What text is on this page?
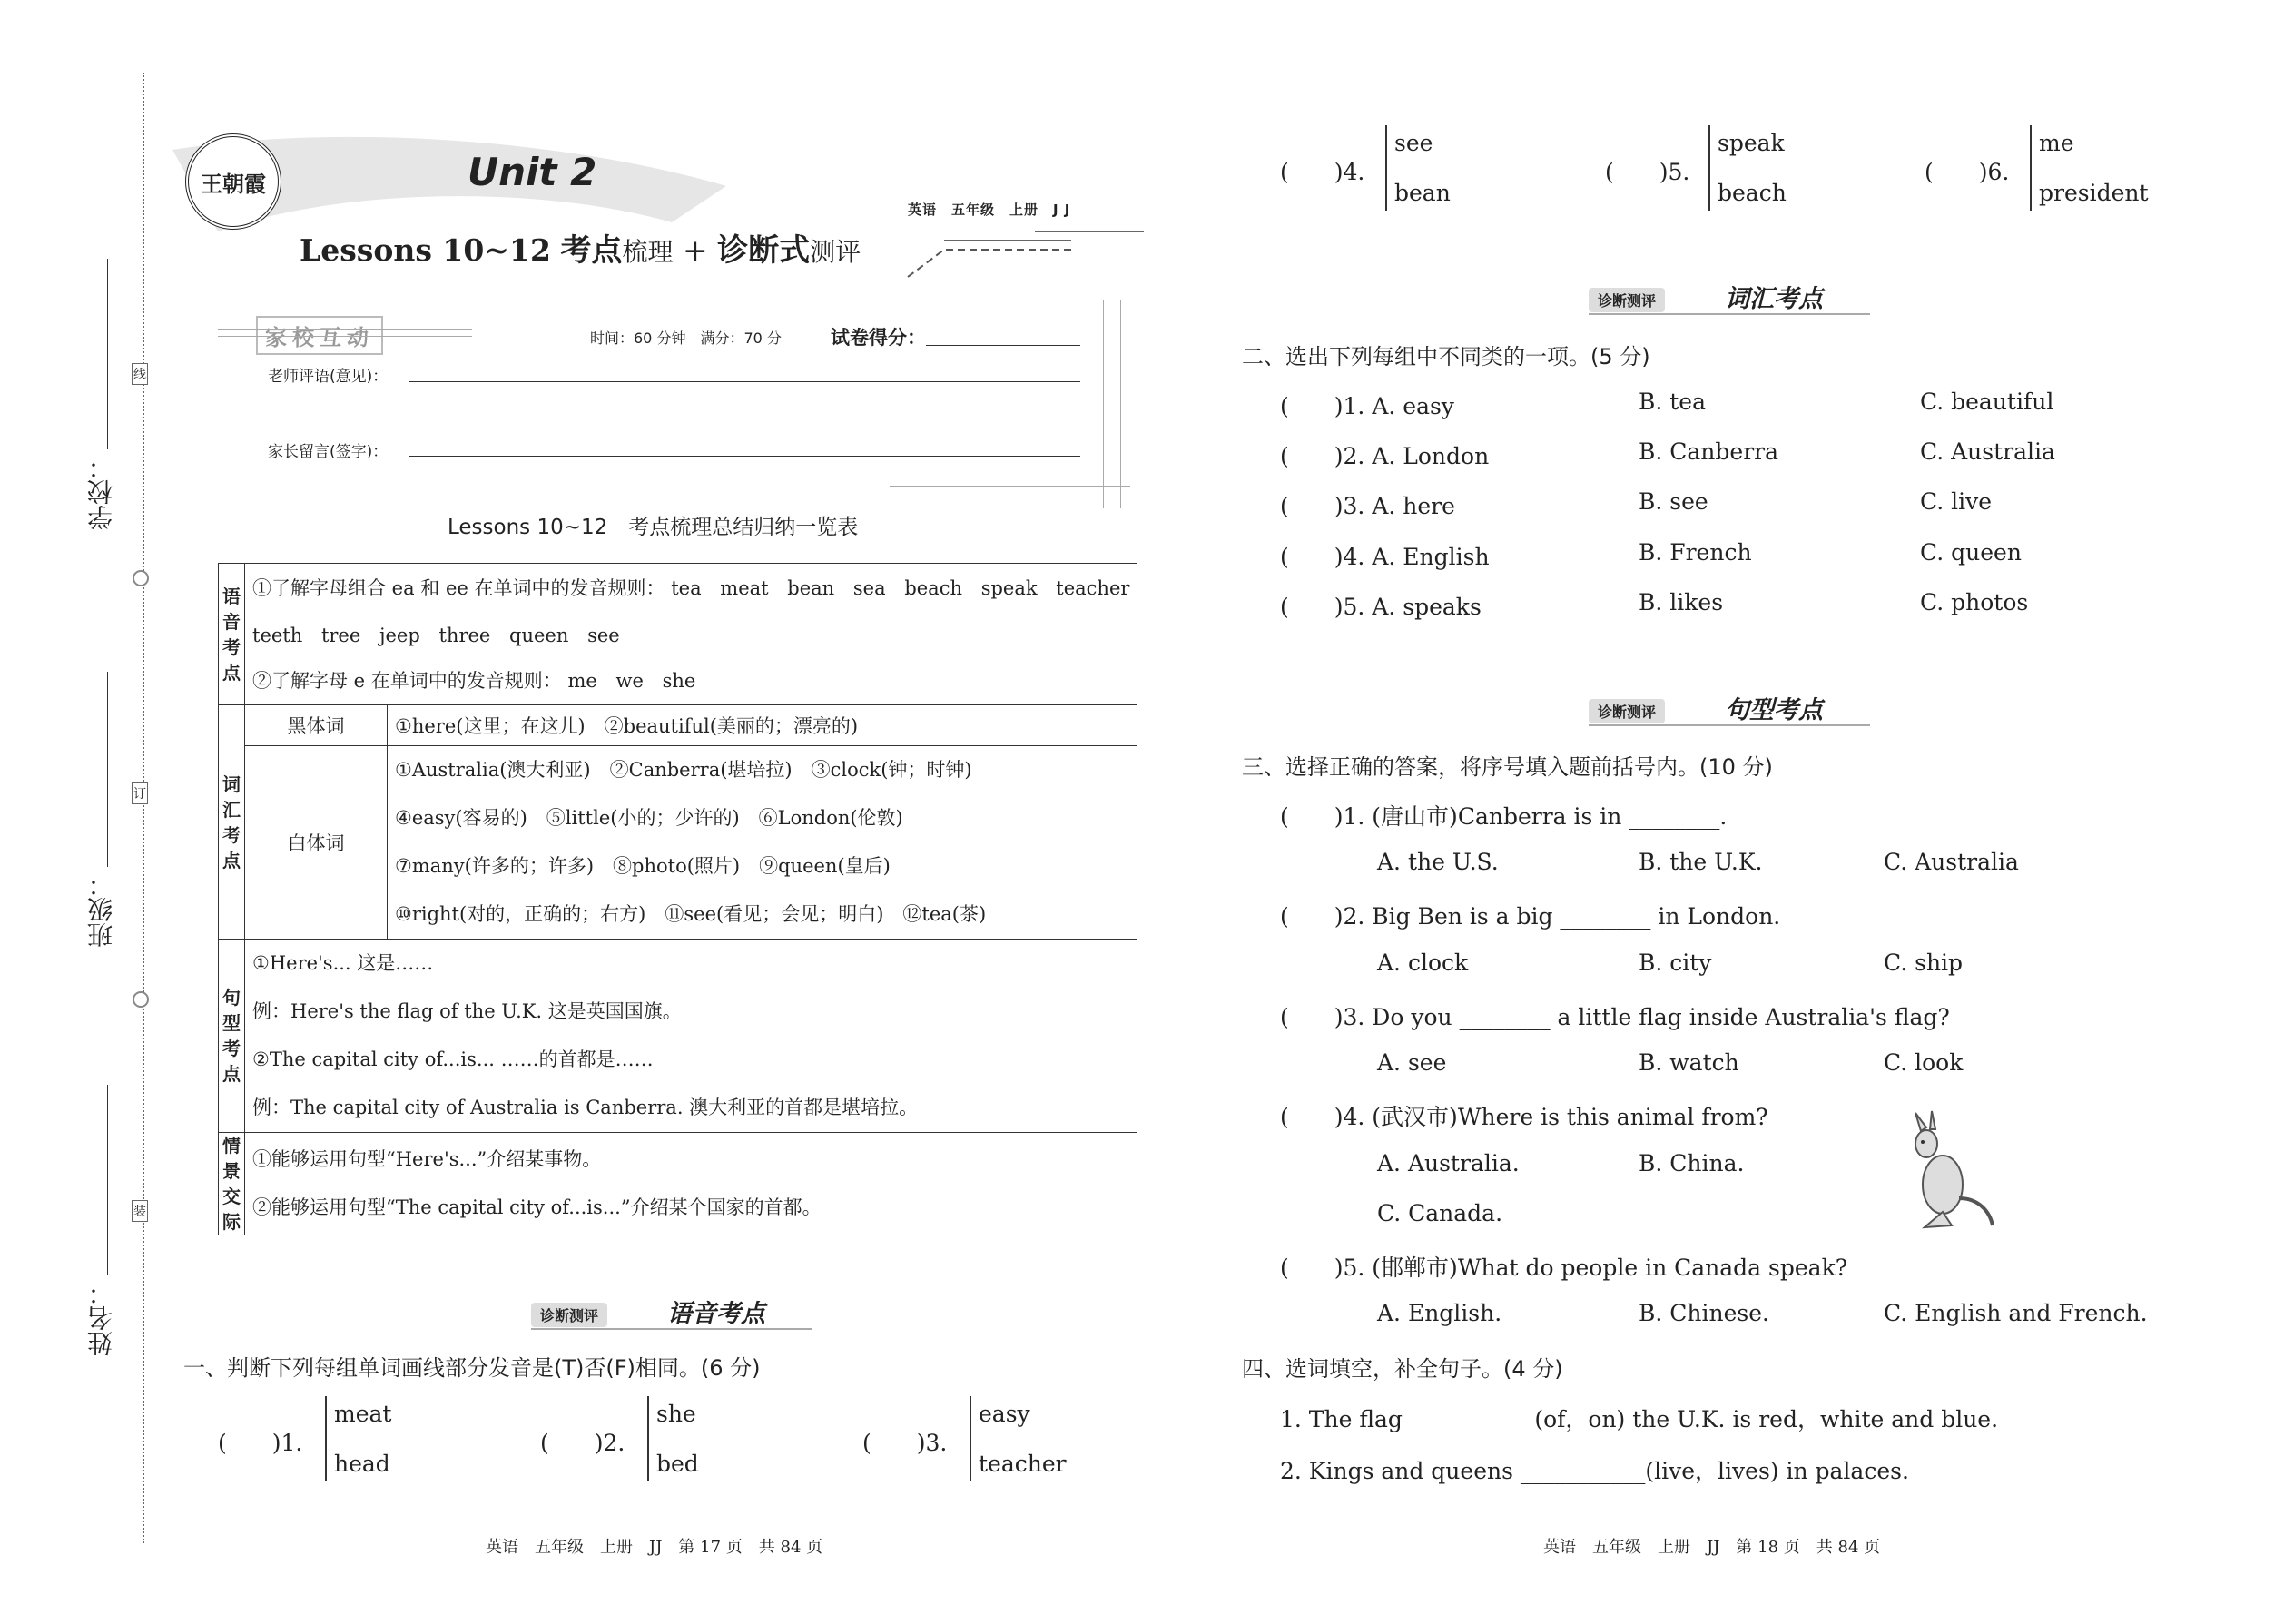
学校：
班级：
姓名：
线
订
装
王朝霞	Unit 2
Lessons 10~12 考点梳理 + 诊断式测评
英语　五年级　上册　J J
家校互动	时间：60 分钟　满分：70 分	试卷得分：
老师评语(意见)：
家长留言(签字)：
Lessons 10~12　考点梳理总结归纳一览表
语音考点	①了解字母组合 ea 和 ee 在单词中的发音规则： tea meat bean sea beach speak teacher
teeth tree jeep three queen see
②了解字母 e 在单词中的发音规则： me we she	

词汇考点	黑体词	①here(这里；在这儿)　②beautiful(美丽的；漂亮的)
	白体词	①Australia(澳大利亚)　②Canberra(堪培拉)　③clock(钟；时钟)
④easy(容易的)　⑤little(小的；少许的)　⑥London(伦敦)
⑦many(许多的；许多)　⑧photo(照片)　⑨queen(皇后)
⑩right(对的，正确的；右方)　⑪see(看见；会见；明白)　⑫tea(茶)

句型考点	①Here's... 这是……
例：Here's the flag of the U.K. 这是英国国旗。
②The capital city of...is... ……的首都是……
例：The capital city of Australia is Canberra. 澳大利亚的首都是堪培拉。	

情景交际	①能够运用句型“Here's...”介绍某事物。
②能够运用句型“The capital city of...is...”介绍某个国家的首都。	
诊断测评	语音考点
一、判断下列每组单词画线部分发音是(T)否(F)相同。(6 分)
(　　)1.
meat
head
(　　)2.
she
bed
(　　)3.
easy
teacher
(　　)4.
see
bean
(　　)5.
speak
beach
(　　)6.
me
president
诊断测评	词汇考点
二、选出下列每组中不同类的一项。(5 分)
(　　)1. A. easy	B. tea	C. beautiful
(　　)2. A. London	B. Canberra	C. Australia
(　　)3. A. here	B. see	C. live
(　　)4. A. English	B. French	C. queen
(　　)5. A. speaks	B. likes	C. photos
诊断测评	句型考点
三、选择正确的答案，将序号填入题前括号内。(10 分)
(　　)1. (唐山市)Canberra is in ________.
A. the U.S.	B. the U.K.	C. Australia
(　　)2. Big Ben is a big ________ in London.
A. clock	B. city	C. ship
(　　)3. Do you ________ a little flag inside Australia's flag?
A. see	B. watch	C. look
(　　)4. (武汉市)Where is this animal from?
A. Australia.	B. China.
C. Canada.
(　　)5. (邯郸市)What do people in Canada speak?
A. English.	B. Chinese.	C. English and French.
四、选词填空，补全句子。(4 分)
1. The flag ___________(of，on) the U.K. is red，white and blue.
2. Kings and queens ___________(live，lives) in palaces.
英语　五年级　上册　JJ　第 17 页　共 84 页	英语　五年级　上册　JJ　第 18 页　共 84 页
